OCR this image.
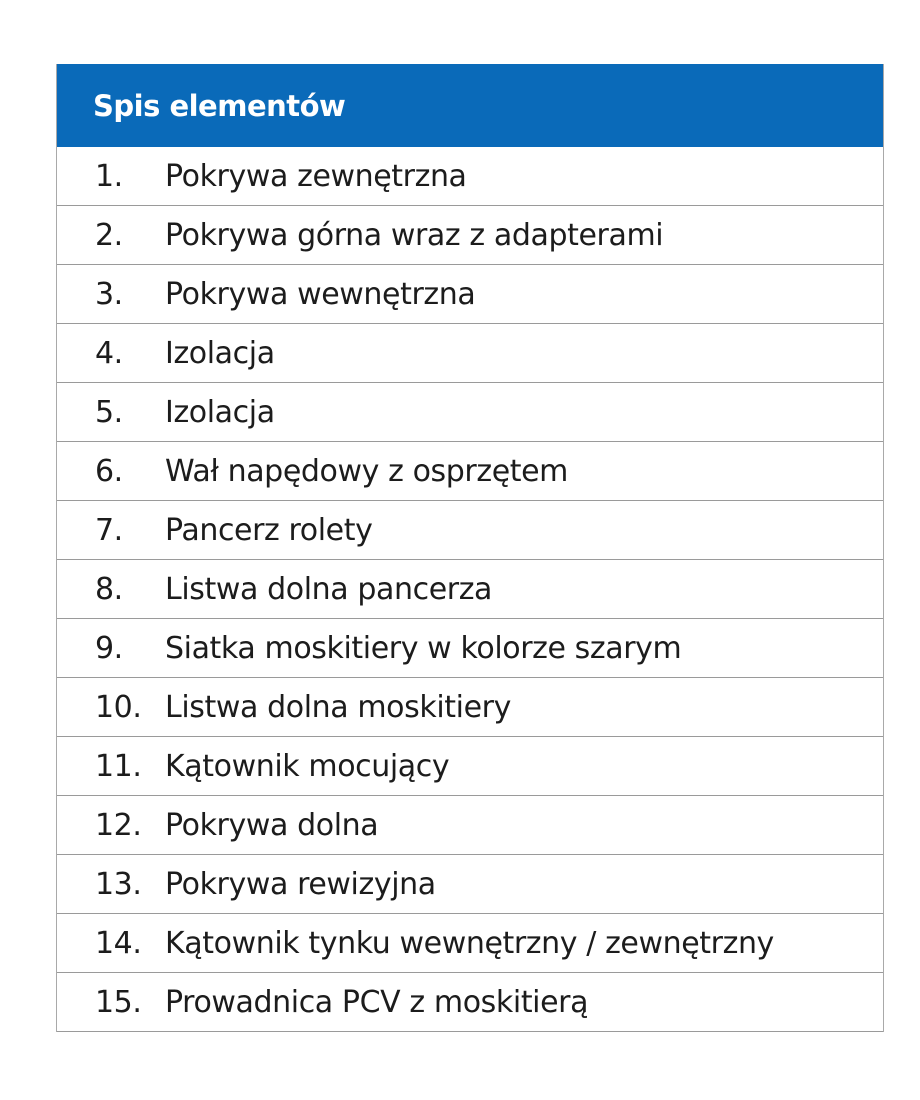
Spis elementów
1.	Pokrywa zewnętrzna
2.	Pokrywa górna wraz z adapterami
3.	Pokrywa wewnętrzna
4.	Izolacja
5.	Izolacja
6.	Wał napędowy z osprzętem
7.	Pancerz rolety
8.	Listwa dolna pancerza
9.	Siatka moskitiery w kolorze szarym
10. Listwa dolna moskitiery
11. Kątownik mocujący
12. Pokrywa dolna
13. Pokrywa rewizyjna
14. Kątownik tynku wewnętrzny / zewnętrzny
15. Prowadnica PCV z moskitierą
